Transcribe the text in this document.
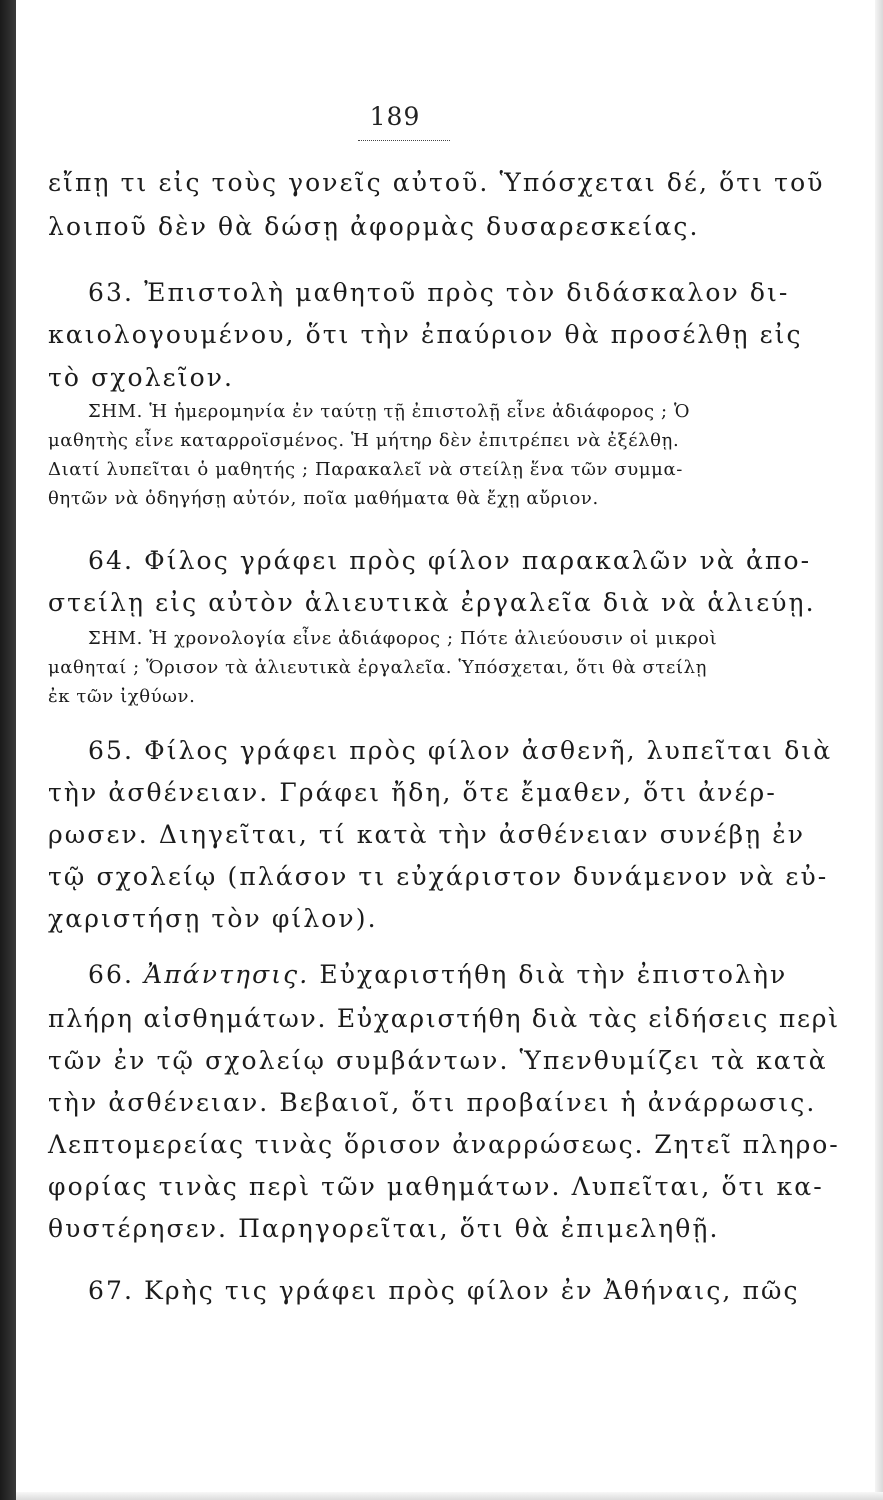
189
εἴπῃ τι εἰς τοὺς γονεῖς αὐτοῦ. Ὑπόσχεται δέ, ὅτι τοῦ
λοιποῦ δὲν θὰ δώσῃ ἀφορμὰς δυσαρεσκείας.
63. Ἐπιστολὴ μαθητοῦ πρὸς τὸν διδάσκαλον δι-
καιολογουμένου, ὅτι τὴν ἐπαύριον θὰ προσέλθῃ εἰς
τὸ σχολεῖον.
ΣΗΜ. Ἡ ἡμερομηνία ἐν ταύτῃ τῇ ἐπιστολῇ εἶνε ἀδιάφορος ; Ὁ
μαθητὴς εἶνε καταρροϊσμένος. Ἡ μήτηρ δὲν ἐπιτρέπει νὰ ἐξέλθῃ.
Διατί λυπεῖται ὁ μαθητής ; Παρακαλεῖ νὰ στείλῃ ἕνα τῶν συμμα-
θητῶν νὰ ὁδηγήσῃ αὐτόν, ποῖα μαθήματα θὰ ἔχῃ αὔριον.
64. Φίλος γράφει πρὸς φίλον παρακαλῶν νὰ ἀπο-
στείλῃ εἰς αὐτὸν ἁλιευτικὰ ἐργαλεῖα διὰ νὰ ἁλιεύῃ.
ΣΗΜ. Ἡ χρονολογία εἶνε ἀδιάφορος ; Πότε ἁλιεύουσιν οἱ μικροὶ
μαθηταί ; Ὅρισον τὰ ἁλιευτικὰ ἐργαλεῖα. Ὑπόσχεται, ὅτι θὰ στείλῃ
ἐκ τῶν ἰχθύων.
65. Φίλος γράφει πρὸς φίλον ἀσθενῆ, λυπεῖται διὰ
τὴν ἀσθένειαν. Γράφει ἤδη, ὅτε ἔμαθεν, ὅτι ἀνέρ-
ρωσεν. Διηγεῖται, τί κατὰ τὴν ἀσθένειαν συνέβῃ ἐν
τῷ σχολείῳ (πλάσον τι εὐχάριστον δυνάμενον νὰ εὐ-
χαριστήσῃ τὸν φίλον).
66. Ἀπάντησις. Εὐχαριστήθη διὰ τὴν ἐπιστολὴν
πλήρη αἰσθημάτων. Εὐχαριστήθη διὰ τὰς εἰδήσεις περὶ
τῶν ἐν τῷ σχολείῳ συμβάντων. Ὑπενθυμίζει τὰ κατὰ
τὴν ἀσθένειαν. Βεβαιοῖ, ὅτι προβαίνει ἡ ἀνάρρωσις.
Λεπτομερείας τινὰς ὅρισον ἀναρρώσεως. Ζητεῖ πληρο-
φορίας τινὰς περὶ τῶν μαθημάτων. Λυπεῖται, ὅτι κα-
θυστέρησεν. Παρηγορεῖται, ὅτι θὰ ἐπιμεληθῇ.
67. Κρὴς τις γράφει πρὸς φίλον ἐν Ἀθήναις, πῶς
